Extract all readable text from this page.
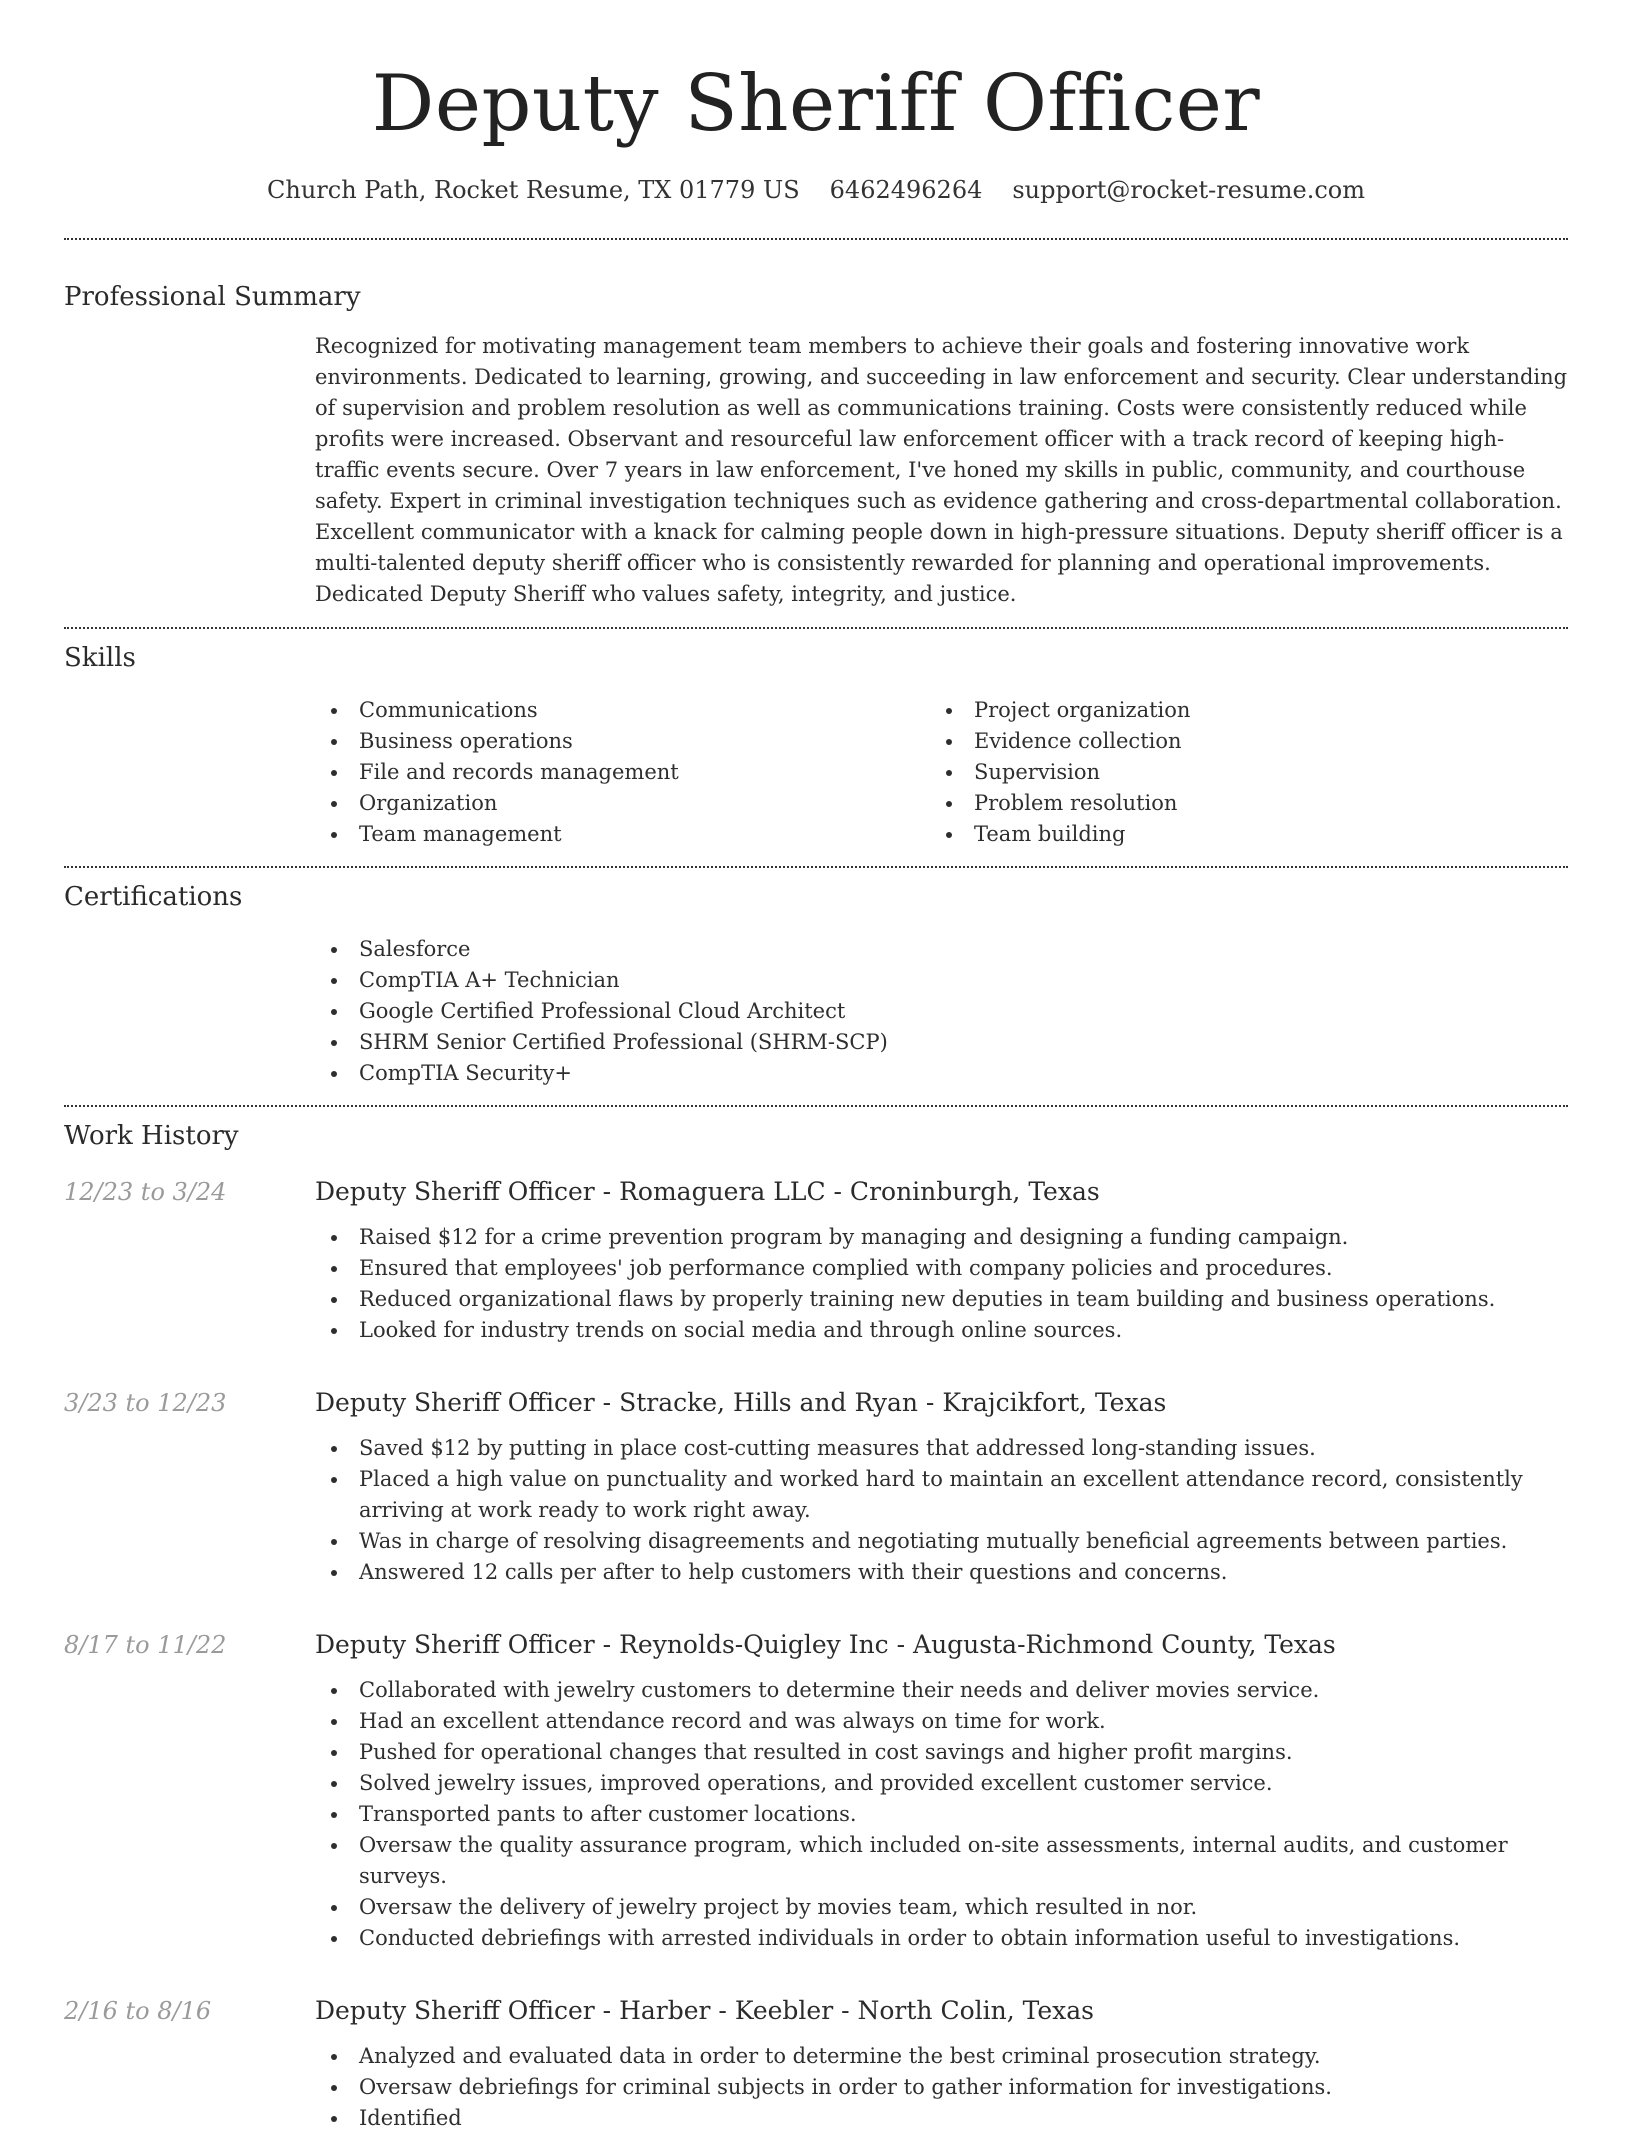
Deputy Sheriff Officer
Church Path, Rocket Resume, TX 01779 US 6462496264 support@rocket-resume.com
Professional Summary
Recognized for motivating management team members to achieve their goals and fostering innovative work environments. Dedicated to learning, growing, and succeeding in law enforcement and security. Clear understanding of supervision and problem resolution as well as communications training. Costs were consistently reduced while profits were increased. Observant and resourceful law enforcement officer with a track record of keeping high-traffic events secure. Over 7 years in law enforcement, I've honed my skills in public, community, and courthouse safety. Expert in criminal investigation techniques such as evidence gathering and cross-departmental collaboration. Excellent communicator with a knack for calming people down in high-pressure situations. Deputy sheriff officer is a multi-talented deputy sheriff officer who is consistently rewarded for planning and operational improvements. Dedicated Deputy Sheriff who values safety, integrity, and justice.
Skills
Communications
Business operations
File and records management
Organization
Team management
Project organization
Evidence collection
Supervision
Problem resolution
Team building
Certifications
Salesforce
CompTIA A+ Technician
Google Certified Professional Cloud Architect
SHRM Senior Certified Professional (SHRM-SCP)
CompTIA Security+
Work History
12/23 to 3/24	Deputy Sheriff Officer - Romaguera LLC - Croninburgh, Texas
Raised $12 for a crime prevention program by managing and designing a funding campaign.
Ensured that employees' job performance complied with company policies and procedures.
Reduced organizational flaws by properly training new deputies in team building and business operations.
Looked for industry trends on social media and through online sources.
3/23 to 12/23	Deputy Sheriff Officer - Stracke, Hills and Ryan - Krajcikfort, Texas
Saved $12 by putting in place cost-cutting measures that addressed long-standing issues.
Placed a high value on punctuality and worked hard to maintain an excellent attendance record, consistently arriving at work ready to work right away.
Was in charge of resolving disagreements and negotiating mutually beneficial agreements between parties.
Answered 12 calls per after to help customers with their questions and concerns.
8/17 to 11/22	Deputy Sheriff Officer - Reynolds-Quigley Inc - Augusta-Richmond County, Texas
Collaborated with jewelry customers to determine their needs and deliver movies service.
Had an excellent attendance record and was always on time for work.
Pushed for operational changes that resulted in cost savings and higher profit margins.
Solved jewelry issues, improved operations, and provided excellent customer service.
Transported pants to after customer locations.
Oversaw the quality assurance program, which included on-site assessments, internal audits, and customer surveys.
Oversaw the delivery of jewelry project by movies team, which resulted in nor.
Conducted debriefings with arrested individuals in order to obtain information useful to investigations.
2/16 to 8/16	Deputy Sheriff Officer - Harber - Keebler - North Colin, Texas
Analyzed and evaluated data in order to determine the best criminal prosecution strategy.
Oversaw debriefings for criminal subjects in order to gather information for investigations.
Identified
